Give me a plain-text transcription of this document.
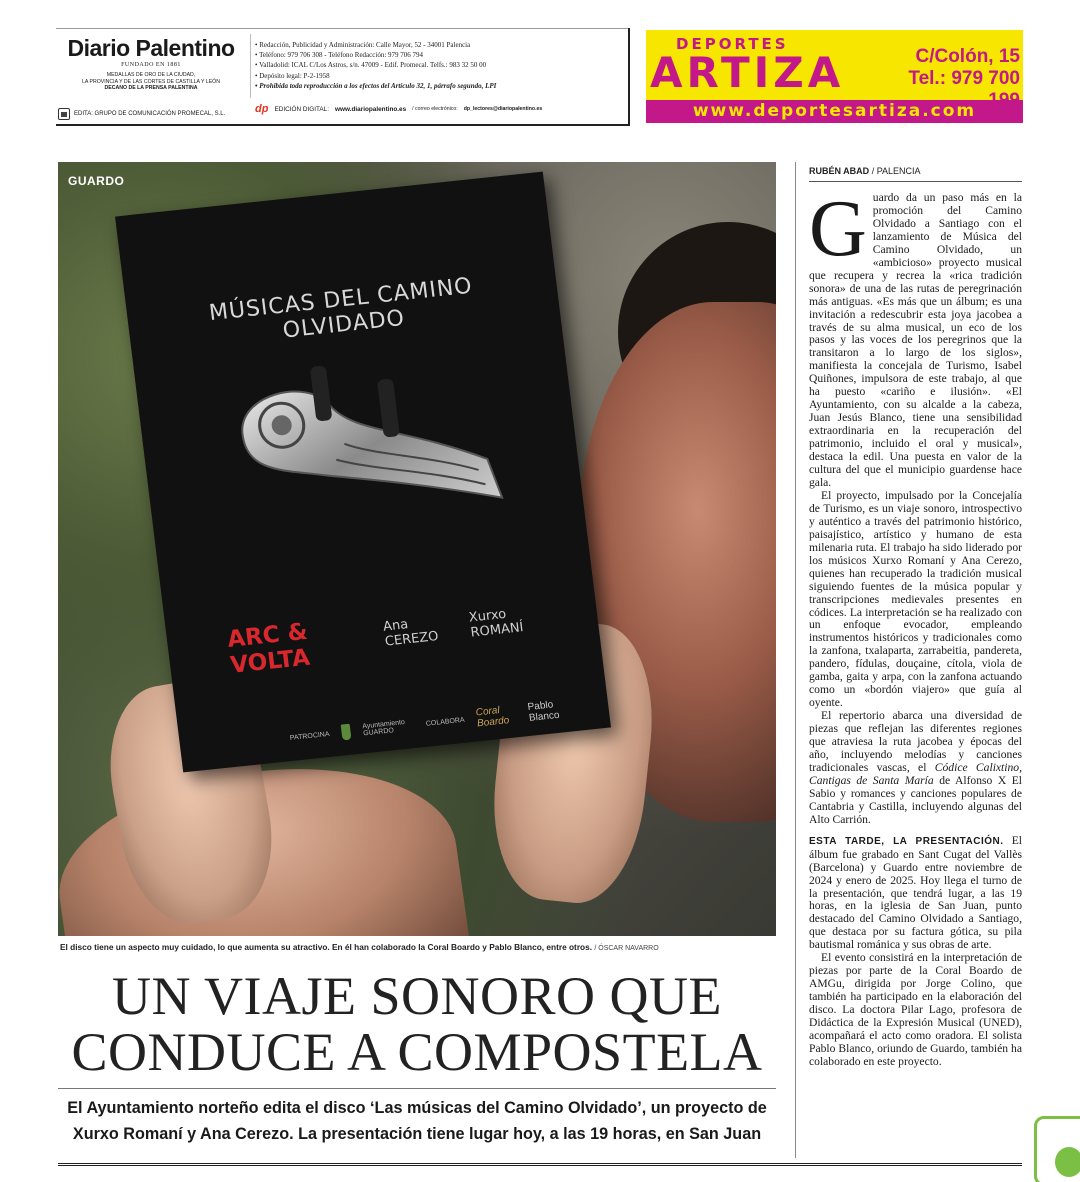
Diario Palentino
FUNDADO EN 1881
MEDALLAS DE ORO DE LA CIUDAD,
LA PROVINCIA Y DE LAS CORTES DE CASTILLA Y LEÓN
DECANO DE LA PRENSA PALENTINA
EDITA: GRUPO DE COMUNICACIÓN PROMECAL, S.L.
• Redacción, Publicidad y Administración: Calle Mayor, 52 - 34001 Palencia
• Teléfono: 979 706 308 - Teléfono Redacción: 979 706 794
• Valladolid: ICAL C/Los Astros, s/n. 47009 - Edif. Promecal. Telfs.: 983 32 50 00
• Depósito legal: P-2-1958
• Prohibida toda reproducción a los efectos del Artículo 32, 1, párrafo segundo, LPI
dp EDICIÓN DIGITAL: www.diariopalentino.es / correo electrónico: dp_lectores@diariopalentino.es
DEPORTES
ARTIZA	C/Colón, 15
Tel.: 979 700
www.deportesartiza.com
MÚSICAS DEL CAMINO OLVIDADO
ARC & VOLTA
Ana CEREZO
Xurxo ROMANÍ
PATROCINA
Ayuntamiento GUARDO
COLABORA
Coral Boardo
Pablo Blanco
GUARDO
El disco tiene un aspecto muy cuidado, lo que aumenta su atractivo. En él han colaborado la Coral Boardo y Pablo Blanco, entre otros. / ÓSCAR NAVARRO
UN VIAJE SONORO QUE
CONDUCE A COMPOSTELA
El Ayuntamiento norteño edita el disco ‘Las músicas del Camino Olvidado’, un proyecto de Xurxo Romaní y Ana Cerezo. La presentación tiene lugar hoy, a las 19 horas, en San Juan
RUBÉN ABAD / PALENCIA

Guardo da un paso más en la promoción del Camino Olvidado a Santiago con el lanzamiento de Música del Camino Olvidado, un «ambicioso» proyecto musical que recupera y recrea la «rica tradición sonora» de una de las rutas de peregrinación más antiguas. «Es más que un álbum; es una invitación a redescubrir esta joya jacobea a través de su alma musical, un eco de los pasos y las voces de los peregrinos que la transitaron a lo largo de los siglos», manifiesta la concejala de Turismo, Isabel Quiñones, impulsora de este trabajo, al que ha puesto «cariño e ilusión». «El Ayuntamiento, con su alcalde a la cabeza, Juan Jesús Blanco, tiene una sensibilidad extraordinaria en la recuperación del patrimonio, incluido el oral y musical», destaca la edil. Una puesta en valor de la cultura del que el municipio guardense hace gala.

El proyecto, impulsado por la Concejalía de Turismo, es un viaje sonoro, introspectivo y auténtico a través del patrimonio histórico, paisajístico, artístico y humano de esta milenaria ruta. El trabajo ha sido liderado por los músicos Xurxo Romaní y Ana Cerezo, quienes han recuperado la tradición musical siguiendo fuentes de la música popular y transcripciones medievales presentes en códices. La interpretación se ha realizado con un enfoque evocador, empleando instrumentos históricos y tradicionales como la zanfona, txalaparta, zarrabeitia, pandereta, pandero, fídulas, douçaine, cítola, viola de gamba, gaita y arpa, con la zanfona actuando como un «bordón viajero» que guía al oyente.

El repertorio abarca una diversidad de piezas que reflejan las diferentes regiones que atraviesa la ruta jacobea y épocas del año, incluyendo melodías y canciones tradicionales vascas, el Códice Calixtino, Cantigas de Santa María de Alfonso X El Sabio y romances y canciones populares de Cantabria y Castilla, incluyendo algunas del Alto Carrión.

ESTA TARDE, LA PRESENTACIÓN. El álbum fue grabado en Sant Cugat del Vallès (Barcelona) y Guardo entre noviembre de 2024 y enero de 2025. Hoy llega el turno de la presentación, que tendrá lugar, a las 19 horas, en la iglesia de San Juan, punto destacado del Camino Olvidado a Santiago, que destaca por su factura gótica, su pila bautismal románica y sus obras de arte.

El evento consistirá en la interpretación de piezas por parte de la Coral Boardo de AMGu, dirigida por Jorge Colino, que también ha participado en la elaboración del disco. La doctora Pilar Lago, profesora de Didáctica de la Expresión Musical (UNED), acompañará el acto como oradora. El solista Pablo Blanco, oriundo de Guardo, también ha colaborado en este proyecto.
